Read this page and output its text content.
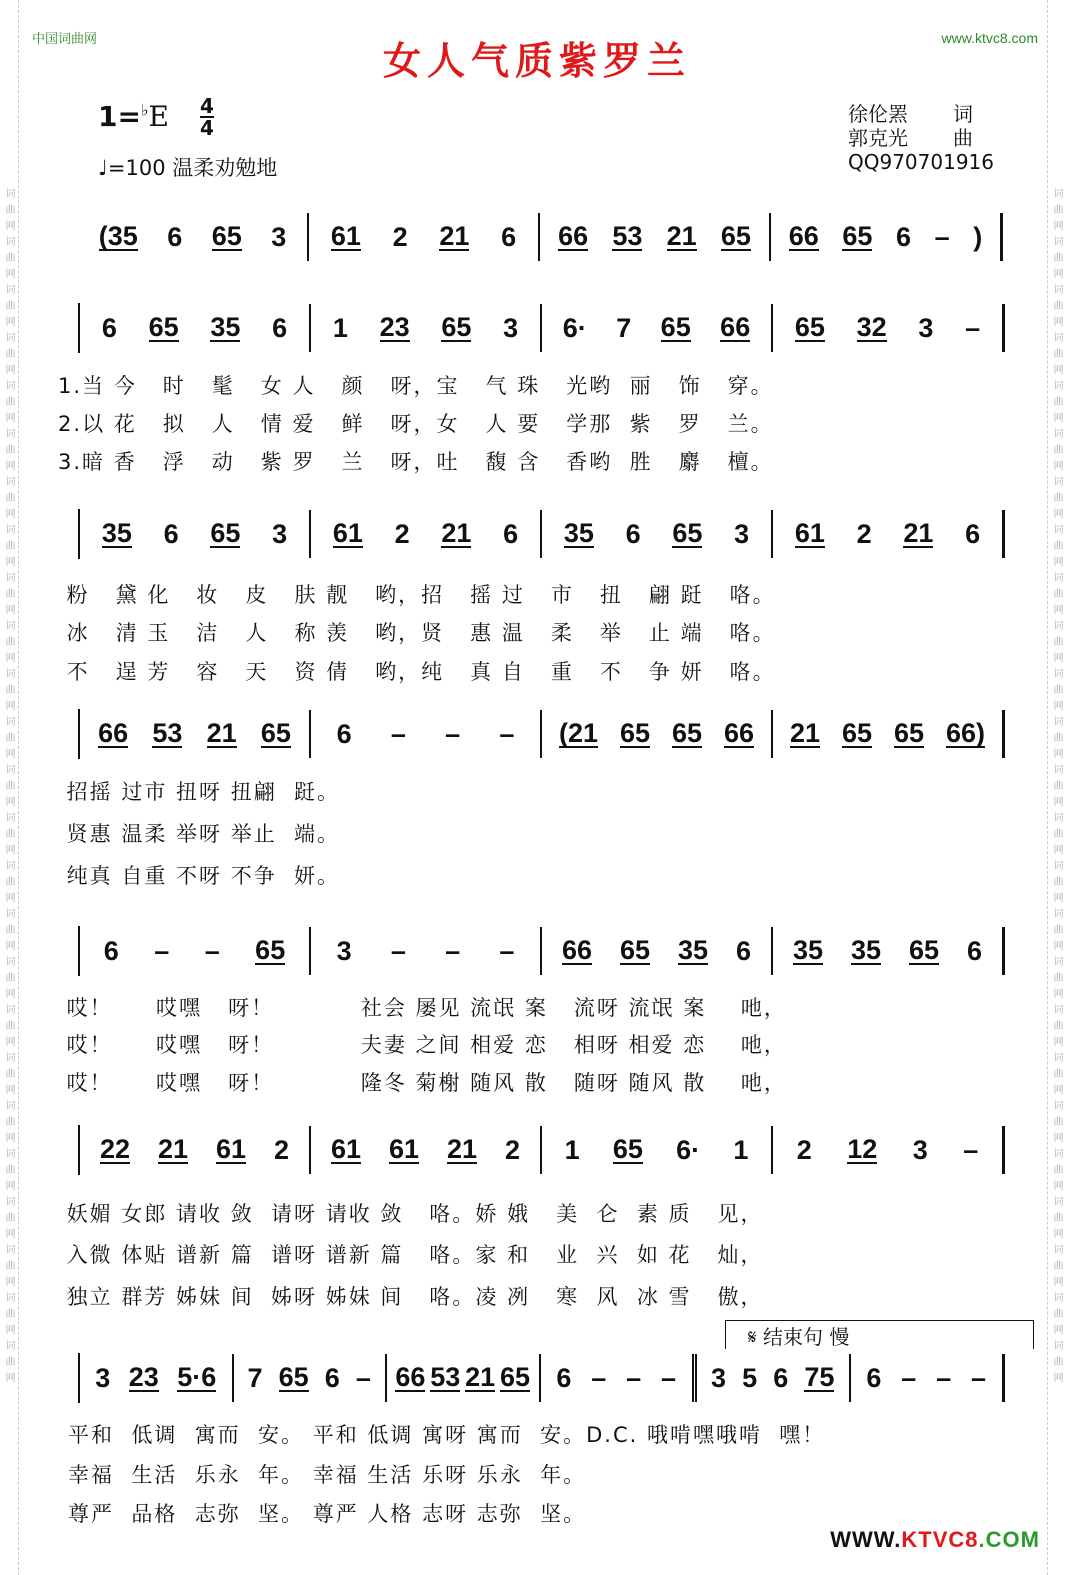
词曲网词曲网词曲网词曲网词曲网词曲网词曲网词曲网词曲网词曲网词曲网词曲网词曲网词曲网词曲网词曲网词曲网词曲网词曲网词曲网词曲网词曲网词曲网词曲网词曲网	词曲网词曲网词曲网词曲网词曲网词曲网词曲网词曲网词曲网词曲网词曲网词曲网词曲网词曲网词曲网词曲网词曲网词曲网词曲网词曲网词曲网词曲网词曲网词曲网词曲网
中国词曲网	www.ktvc8.com
女人气质紫罗兰
1=♭E 4
4
♩=100 温柔劝勉地
徐伦罴 词
郭克光 曲
QQ970701916
𝄋 结束句 慢
(35 6 65 3 61 2 21 6 66 53 21 65 66 65 6 – )
6 65 35 6 1 23 65 3 6· 7 65 66 65 32 3 –
1.当 今   时   髦   女 人   颜   呀，宝   气 珠   光哟  丽   饰   穿。
2.以 花   拟   人   情 爱   鲜   呀，女   人 要   学那  紫   罗   兰。
3.暗 香   浮   动   紫 罗   兰   呀，吐   馥 含   香哟  胜   麝   檀。
35 6 65 3 61 2 21 6 35 6 65 3 61 2 21 6
粉   黛 化   妆   皮   肤 靓   哟，招   摇 过   市   扭   翩 跹   咯。
冰   清 玉   洁   人   称 羡   哟，贤   惠 温   柔   举   止 端   咯。
不   逞 芳   容   天   资 倩   哟，纯   真 自   重   不   争 妍   咯。
66 53 21 65 6 – – – (21 65 65 66 21 65 65 66)
招摇 过市 扭呀 扭翩  跹。
贤惠 温柔 举呀 举止  端。
纯真 自重 不呀 不争  妍。
6 – – 65 3 – – – 66 65 35 6 35 35 65 6
哎！     哎嘿   呀！          社会 屡见 流氓 案   流呀 流氓 案    吔，
哎！     哎嘿   呀！          夫妻 之间 相爱 恋   相呀 相爱 恋    吔，
哎！     哎嘿   呀！          隆冬 菊榭 随风 散   随呀 随风 散    吔，
22 21 61 2 61 61 21 2 1 65 6· 1 2 12 3 –
妖媚 女郎 请收 敛  请呀 请收 敛   咯。娇 娥   美  仑  素 质   见，
入微 体贴 谱新 篇  谱呀 谱新 篇   咯。家 和   业  兴  如 花   灿，
独立 群芳 姊妹 间  姊呀 姊妹 间   咯。凌 冽   寒  风  冰 雪   傲，
3 23 5·6 7 65 6 – 66 53 21 65 6 – – – 3 5 6 75 6 – – –
平和  低调  寓而  安。 平和 低调 寓呀 寓而  安。D.C. 哦啃嘿哦啃  嘿！
幸福  生活  乐永  年。 幸福 生活 乐呀 乐永  年。
尊严  品格  志弥  坚。 尊严 人格 志呀 志弥  坚。
WWW.KTVC8.COM
